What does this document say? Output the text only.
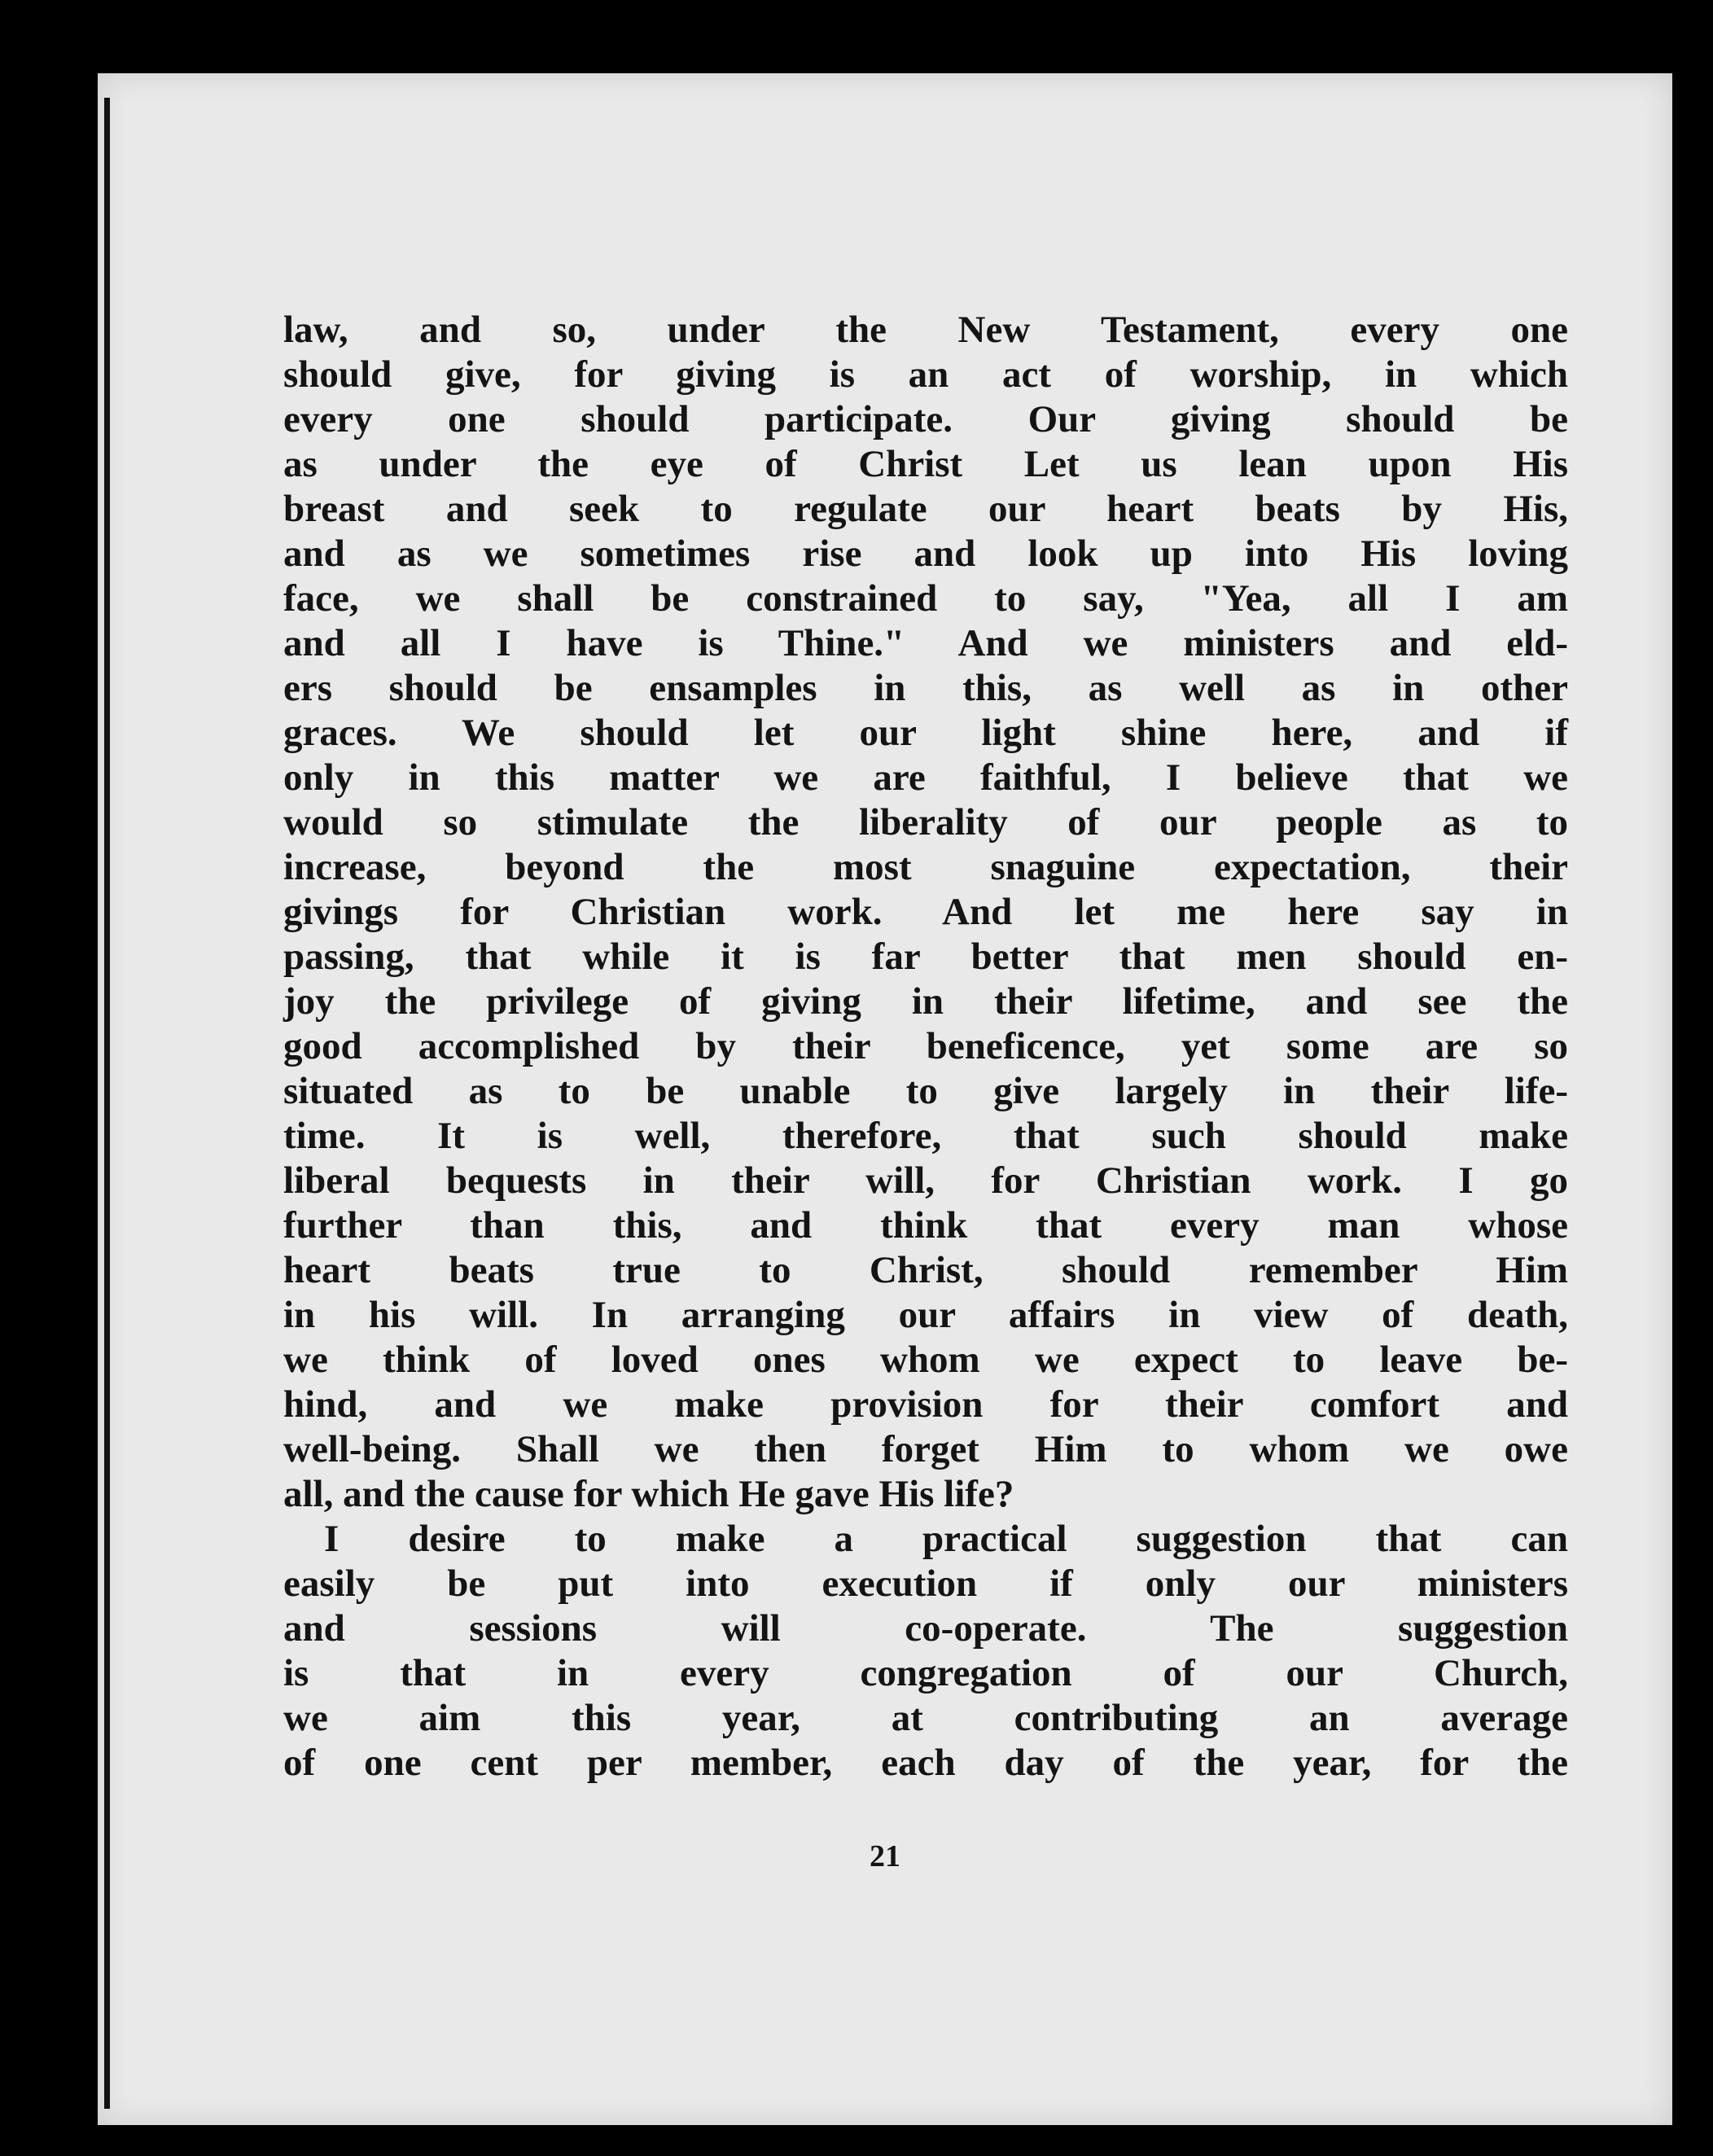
law, and so, under the New Testament, every one
should give, for giving is an act of worship, in which
every one should participate. Our giving should be
as under the eye of Christ Let us lean upon His
breast and seek to regulate our heart beats by His,
and as we sometimes rise and look up into His loving
face, we shall be constrained to say, "Yea, all I am
and all I have is Thine." And we ministers and eld-
ers should be ensamples in this, as well as in other
graces. We should let our light shine here, and if
only in this matter we are faithful, I believe that we
would so stimulate the liberality of our people as to
increase, beyond the most snaguine expectation, their
givings for Christian work. And let me here say in
passing, that while it is far better that men should en-
joy the privilege of giving in their lifetime, and see the
good accomplished by their beneficence, yet some are so
situated as to be unable to give largely in their life-
time. It is well, therefore, that such should make
liberal bequests in their will, for Christian work. I go
further than this, and think that every man whose
heart beats true to Christ, should remember Him
in his will. In arranging our affairs in view of death,
we think of loved ones whom we expect to leave be-
hind, and we make provision for their comfort and
well-being. Shall we then forget Him to whom we owe
all, and the cause for which He gave His life?
I desire to make a practical suggestion that can
easily be put into execution if only our ministers
and sessions will co-operate. The suggestion
is that in every congregation of our Church,
we aim this year, at contributing an average
of one cent per member, each day of the year, for the
21
